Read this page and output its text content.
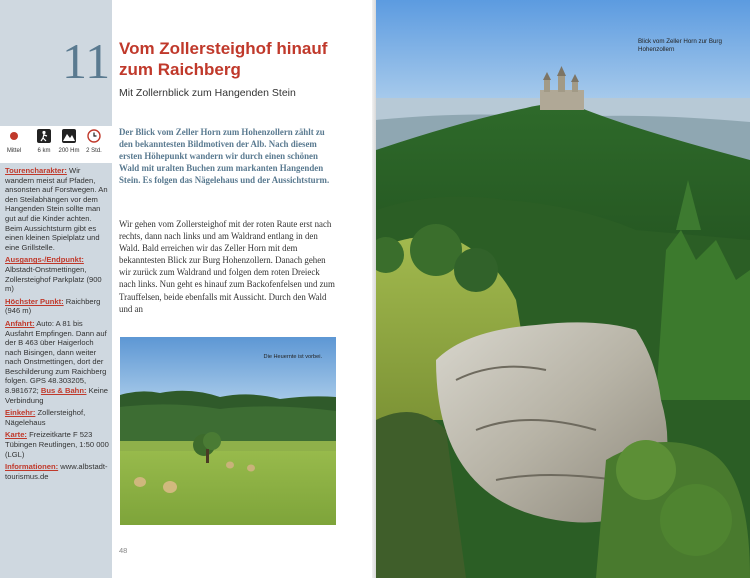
Mittel	6 km	200 Hm	2 Std.
Tourencharakter: Wir wandern meist auf Pfaden, ansonsten auf Forstwegen. An den Steilabhängen vor dem Hangenden Stein sollte man gut auf die Kinder achten. Beim Aussichtsturm gibt es einen kleinen Spielplatz und eine Grillstelle.
Ausgangs-/Endpunkt: Albstadt-Onstmettingen, Zollersteighof Parkplatz (900 m)
Höchster Punkt: Raichberg (946 m)
Anfahrt: Auto: A 81 bis Ausfahrt Empfingen. Dann auf der B 463 über Haigerloch nach Bisingen, dann weiter nach Onstmettingen, dort der Beschilderung zum Raichberg folgen. GPS 48.303205, 8.981672; Bus & Bahn: Keine Verbindung
Einkehr: Zollersteighof, Nägelehaus
Karte: Freizeitkarte F 523 Tübingen Reutlingen, 1:50 000 (LGL)
Informationen: www.albstadt-tourismus.de
11 Vom Zollersteighof hinauf
zum Raichberg
Mit Zollernblick zum Hangenden Stein
Der Blick vom Zeller Horn zum Hohenzollern zählt zu den bekanntesten Bildmotiven der Alb. Nach diesem ersten Höhepunkt wandern wir durch einen schönen Wald mit uralten Buchen zum markanten Hangenden Stein. Es folgen das Nägelehaus und der Aussichtsturm.
Wir gehen vom Zollersteighof mit der roten Raute erst nach rechts, dann nach links und am Waldrand entlang in den Wald. Bald erreichen wir das Zeller Horn mit dem bekanntesten Blick zur Burg Hohenzollern. Danach gehen wir zurück zum Waldrand und folgen dem roten Dreieck nach links. Nun geht es hinauf zum Backofenfelsen und zum Trauffelsen, beide ebenfalls mit Aussicht. Durch den Wald und an
Die Heuernte ist vorbei.
48
Blick vom Zeller Horn zur Burg Hohenzollern
